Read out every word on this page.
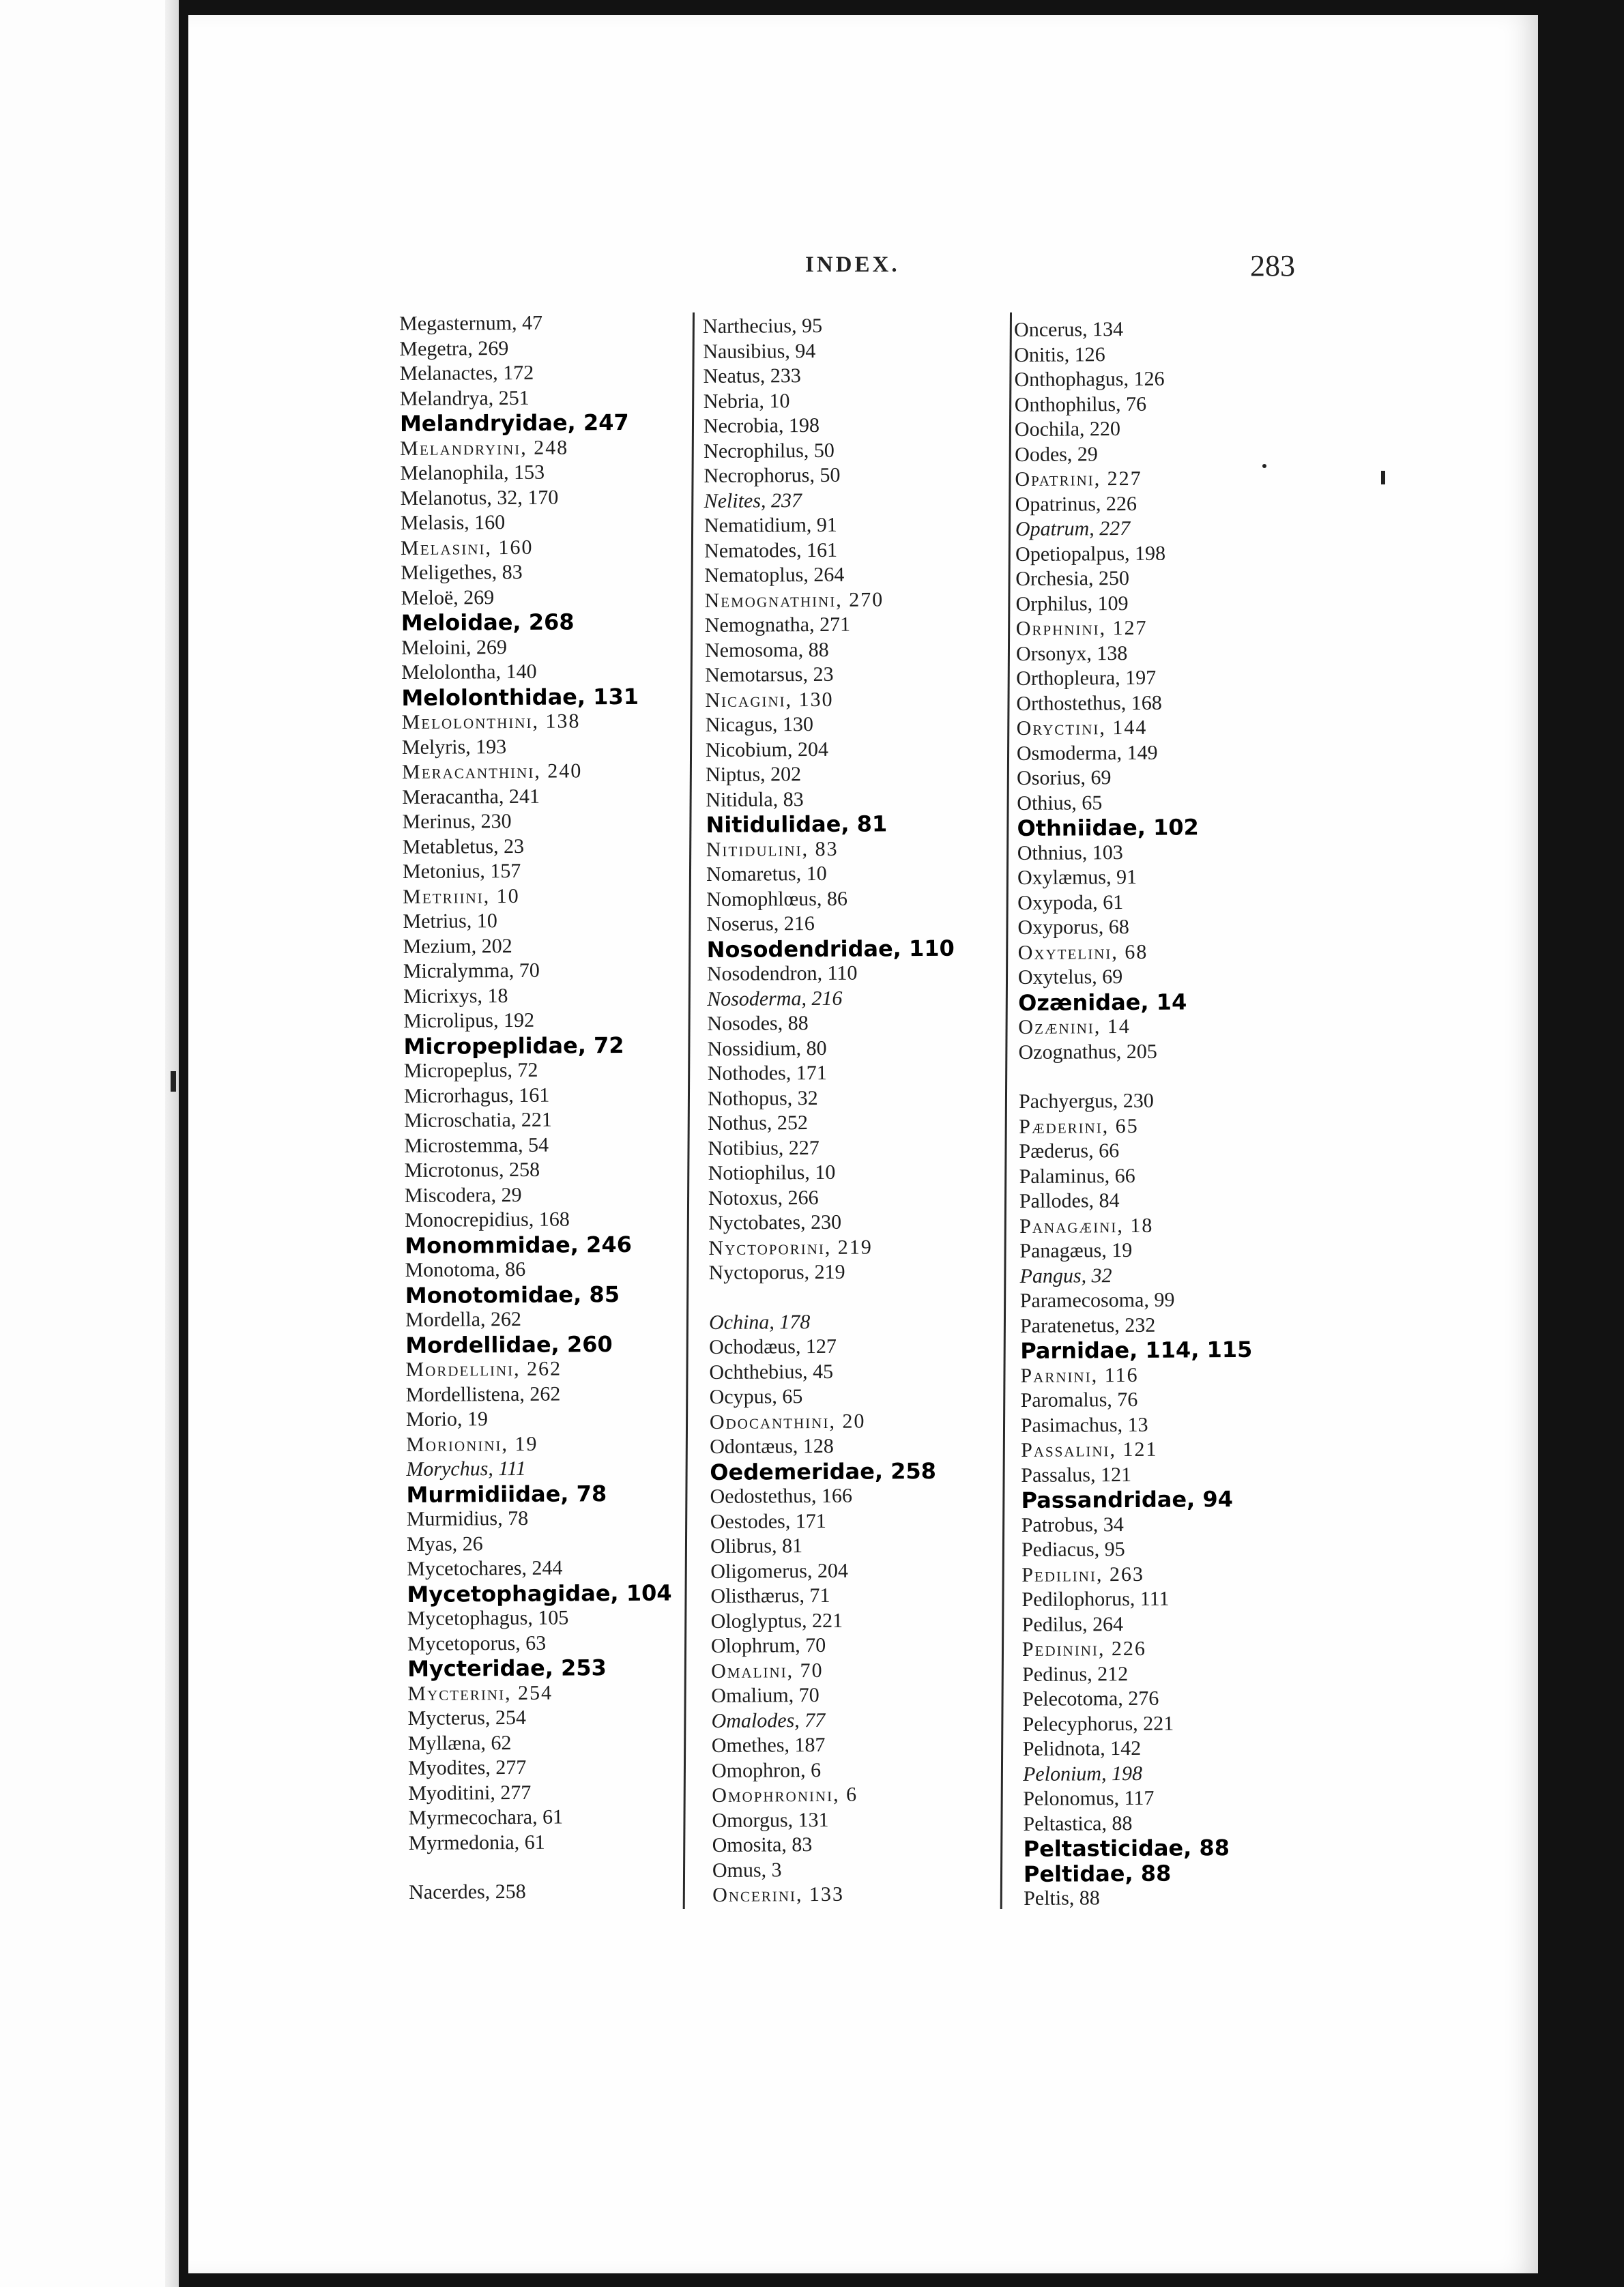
INDEX.	283
Megasternum, 47
Megetra, 269
Melanactes, 172
Melandrya, 251
Melandryidae, 247
Melandryini, 248
Melanophila, 153
Melanotus, 32, 170
Melasis, 160
Melasini, 160
Meligethes, 83
Meloë, 269
Meloidae, 268
Meloini, 269
Melolontha, 140
Melolonthidae, 131
Melolonthini, 138
Melyris, 193
Meracanthini, 240
Meracantha, 241
Merinus, 230
Metabletus, 23
Metonius, 157
Metriini, 10
Metrius, 10
Mezium, 202
Micralymma, 70
Micrixys, 18
Microlipus, 192
Micropeplidae, 72
Micropeplus, 72
Microrhagus, 161
Microschatia, 221
Microstemma, 54
Microtonus, 258
Miscodera, 29
Monocrepidius, 168
Monommidae, 246
Monotoma, 86
Monotomidae, 85
Mordella, 262
Mordellidae, 260
Mordellini, 262
Mordellistena, 262
Morio, 19
Morionini, 19
Morychus, 111
Murmidiidae, 78
Murmidius, 78
Myas, 26
Mycetochares, 244
Mycetophagidae, 104
Mycetophagus, 105
Mycetoporus, 63
Mycteridae, 253
Mycterini, 254
Mycterus, 254
Myllæna, 62
Myodites, 277
Myoditini, 277
Myrmecochara, 61
Myrmedonia, 61
Nacerdes, 258
Narthecius, 95
Nausibius, 94
Neatus, 233
Nebria, 10
Necrobia, 198
Necrophilus, 50
Necrophorus, 50
Nelites, 237
Nematidium, 91
Nematodes, 161
Nematoplus, 264
Nemognathini, 270
Nemognatha, 271
Nemosoma, 88
Nemotarsus, 23
Nicagini, 130
Nicagus, 130
Nicobium, 204
Niptus, 202
Nitidula, 83
Nitidulidae, 81
Nitidulini, 83
Nomaretus, 10
Nomophlœus, 86
Noserus, 216
Nosodendridae, 110
Nosodendron, 110
Nosoderma, 216
Nosodes, 88
Nossidium, 80
Nothodes, 171
Nothopus, 32
Nothus, 252
Notibius, 227
Notiophilus, 10
Notoxus, 266
Nyctobates, 230
Nyctoporini, 219
Nyctoporus, 219
Ochina, 178
Ochodæus, 127
Ochthebius, 45
Ocypus, 65
Odocanthini, 20
Odontæus, 128
Oedemeridae, 258
Oedostethus, 166
Oestodes, 171
Olibrus, 81
Oligomerus, 204
Olisthærus, 71
Ologlyptus, 221
Olophrum, 70
Omalini, 70
Omalium, 70
Omalodes, 77
Omethes, 187
Omophron, 6
Omophronini, 6
Omorgus, 131
Omosita, 83
Omus, 3
Oncerini, 133
Oncerus, 134
Onitis, 126
Onthophagus, 126
Onthophilus, 76
Oochila, 220
Oodes, 29
Opatrini, 227
Opatrinus, 226
Opatrum, 227
Opetiopalpus, 198
Orchesia, 250
Orphilus, 109
Orphnini, 127
Orsonyx, 138
Orthopleura, 197
Orthostethus, 168
Oryctini, 144
Osmoderma, 149
Osorius, 69
Othius, 65
Othniidae, 102
Othnius, 103
Oxylæmus, 91
Oxypoda, 61
Oxyporus, 68
Oxytelini, 68
Oxytelus, 69
Ozænidae, 14
Ozænini, 14
Ozognathus, 205
Pachyergus, 230
Pæderini, 65
Pæderus, 66
Palaminus, 66
Pallodes, 84
Panagæini, 18
Panagæus, 19
Pangus, 32
Paramecosoma, 99
Paratenetus, 232
Parnidae, 114, 115
Parnini, 116
Paromalus, 76
Pasimachus, 13
Passalini, 121
Passalus, 121
Passandridae, 94
Patrobus, 34
Pediacus, 95
Pedilini, 263
Pedilophorus, 111
Pedilus, 264
Pedinini, 226
Pedinus, 212
Pelecotoma, 276
Pelecyphorus, 221
Pelidnota, 142
Pelonium, 198
Pelonomus, 117
Peltastica, 88
Peltasticidae, 88
Peltidae, 88
Peltis, 88
